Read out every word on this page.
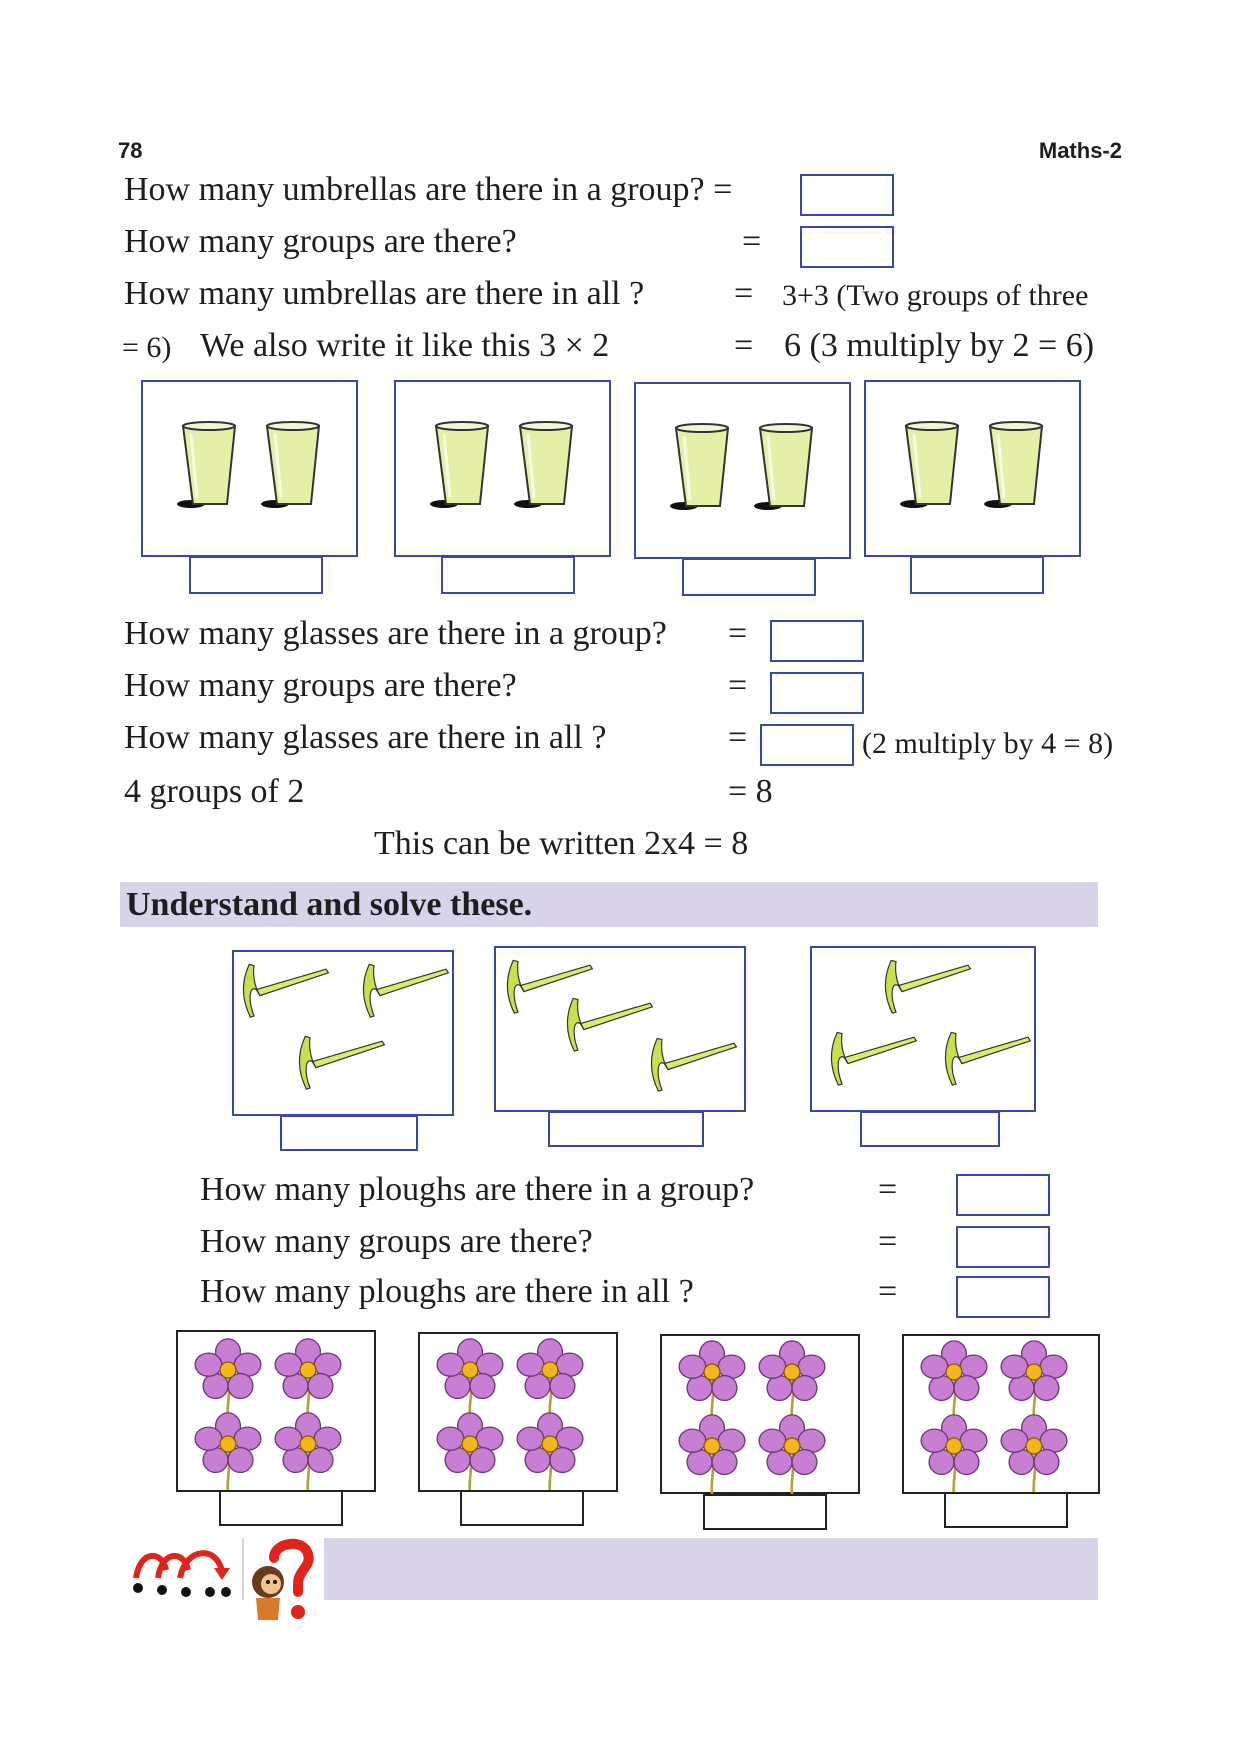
78	Maths-2
How many umbrellas are there in a group? =
How many groups are there?	=
How many umbrellas are there in all ?	= 3+3 (Two groups of three
= 6) We also write it like this 3 × 2	= 6 (3 multiply by 2 = 6)
How many glasses are there in a group? =
How many groups are there?	=
How many glasses are there in all ?	=	(2 multiply by 4 = 8)
4 groups of 2	= 8
This can be written 2x4 = 8
Understand and solve these.
How many ploughs are there in a group?	=
How many groups are there?	=
How many ploughs are there in all ?	=
